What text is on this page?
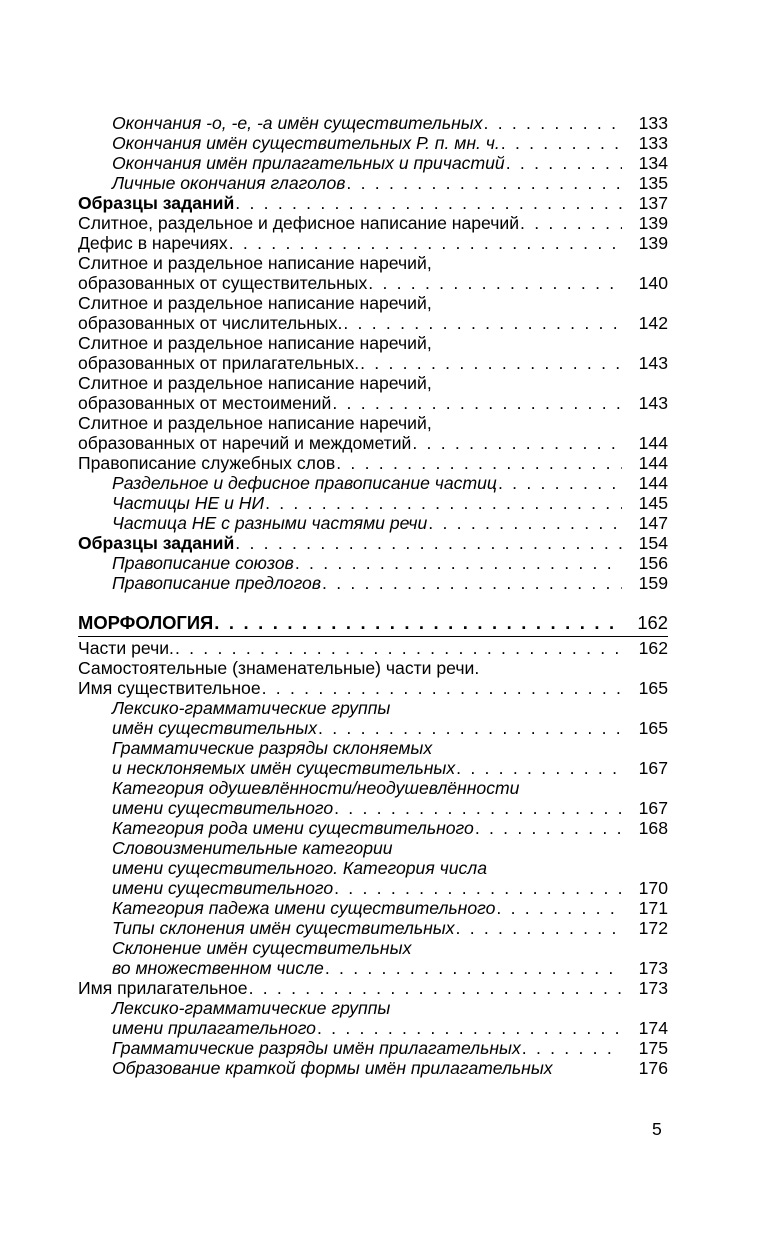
Окончания -о, -е, -а имён существительных . . .	133
Окончания имён существительных Р. п. мн. ч. . . .	133
Окончания имён прилагательных и причастий . . .	134
Личные окончания глаголов . . .	135
Образцы заданий . . .	137
Слитное, раздельное и дефисное написание наречий . . .	139
Дефис в наречиях . . .	139
Слитное и раздельное написание наречий,
образованных от существительных . . .	140
Слитное и раздельное написание наречий,
образованных от числительных. . . .	142
Слитное и раздельное написание наречий,
образованных от прилагательных. . . .	143
Слитное и раздельное написание наречий,
образованных от местоимений . . .	143
Слитное и раздельное написание наречий,
образованных от наречий и междометий . . .	144
Правописание служебных слов . . .	144
Раздельное и дефисное правописание частиц . . .	144
Частицы НЕ и НИ . . .	145
Частица НЕ с разными частями речи . . .	147
Образцы заданий . . .	154
Правописание союзов . . .	156
Правописание предлогов . . .	159
МОРФОЛОГИЯ . . .	162
Части речи. . . .	162
Самостоятельные (знаменательные) части речи.
Имя существительное . . .	165
Лексико-грамматические группы
имён существительных . . .	165
Грамматические разряды склоняемых
и несклоняемых имён существительных . . .	167
Категория одушевлённости/неодушевлённости
имени существительного . . .	167
Категория рода имени существительного . . .	168
Словоизменительные категории
имени существительного. Категория числа
имени существительного . . .	170
Категория падежа имени существительного . . .	171
Типы склонения имён существительных . . .	172
Склонение имён существительных
во множественном числе . . .	173
Имя прилагательное . . .	173
Лексико-грамматические группы
имени прилагательного . . .	174
Грамматические разряды имён прилагательных . . .	175
Образование краткой формы имён прилагательных	176
5
